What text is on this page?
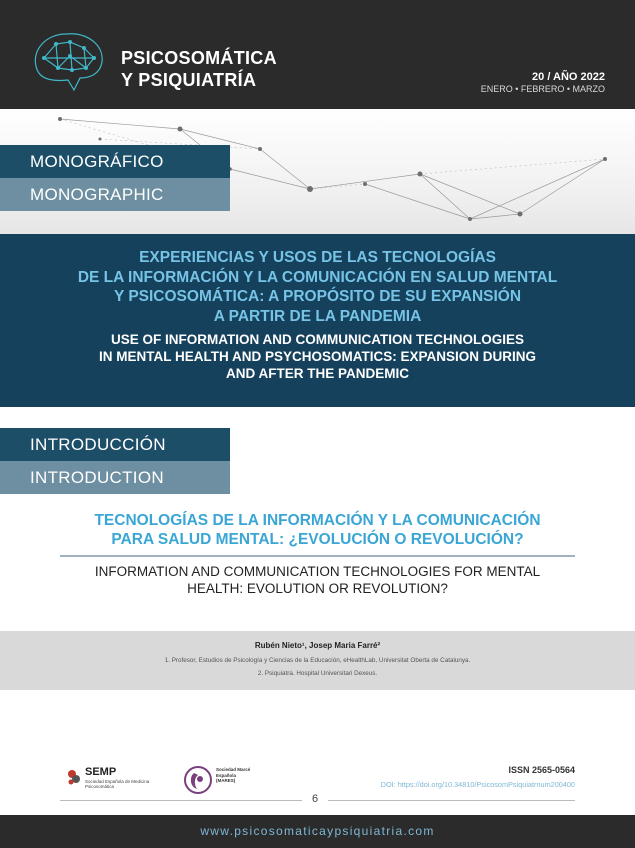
PSICOSOMÁTICA
Y PSIQUIATRÍA	20 / AÑO 2022
ENERO • FEBRERO • MARZO
MONOGRÁFICO
MONOGRAPHIC
EXPERIENCIAS Y USOS DE LAS TECNOLOGÍAS
DE LA INFORMACIÓN Y LA COMUNICACIÓN EN SALUD MENTAL
Y PSICOSOMÁTICA: A PROPÓSITO DE SU EXPANSIÓN
A PARTIR DE LA PANDEMIA
USE OF INFORMATION AND COMMUNICATION TECHNOLOGIES
IN MENTAL HEALTH AND PSYCHOSOMATICS: EXPANSION DURING
AND AFTER THE PANDEMIC
INTRODUCCIÓN
INTRODUCTION
TECNOLOGÍAS DE LA INFORMACIÓN Y LA COMUNICACIÓN
PARA SALUD MENTAL: ¿EVOLUCIÓN O REVOLUCIÓN?
INFORMATION AND COMMUNICATION TECHNOLOGIES FOR MENTAL
HEALTH: EVOLUTION OR REVOLUTION?
Rubén Nieto¹, Josep Maria Farré²
1. Profesor, Estudios de Psicología y Ciencias de la Educación, eHealthLab, Universitat Oberta de Catalunya.
2. Psiquiatra. Hospital Universitari Dexeus.
SEMP
Sociedad Española de Medicina Psicosomática
Sociedad Marcé Española (MARES)
ISSN 2565-0564
DOI: https://doi.org/10.34810/PsicosomPsiquiatrnum200400
6
www.psicosomaticaypsiquiatria.com
